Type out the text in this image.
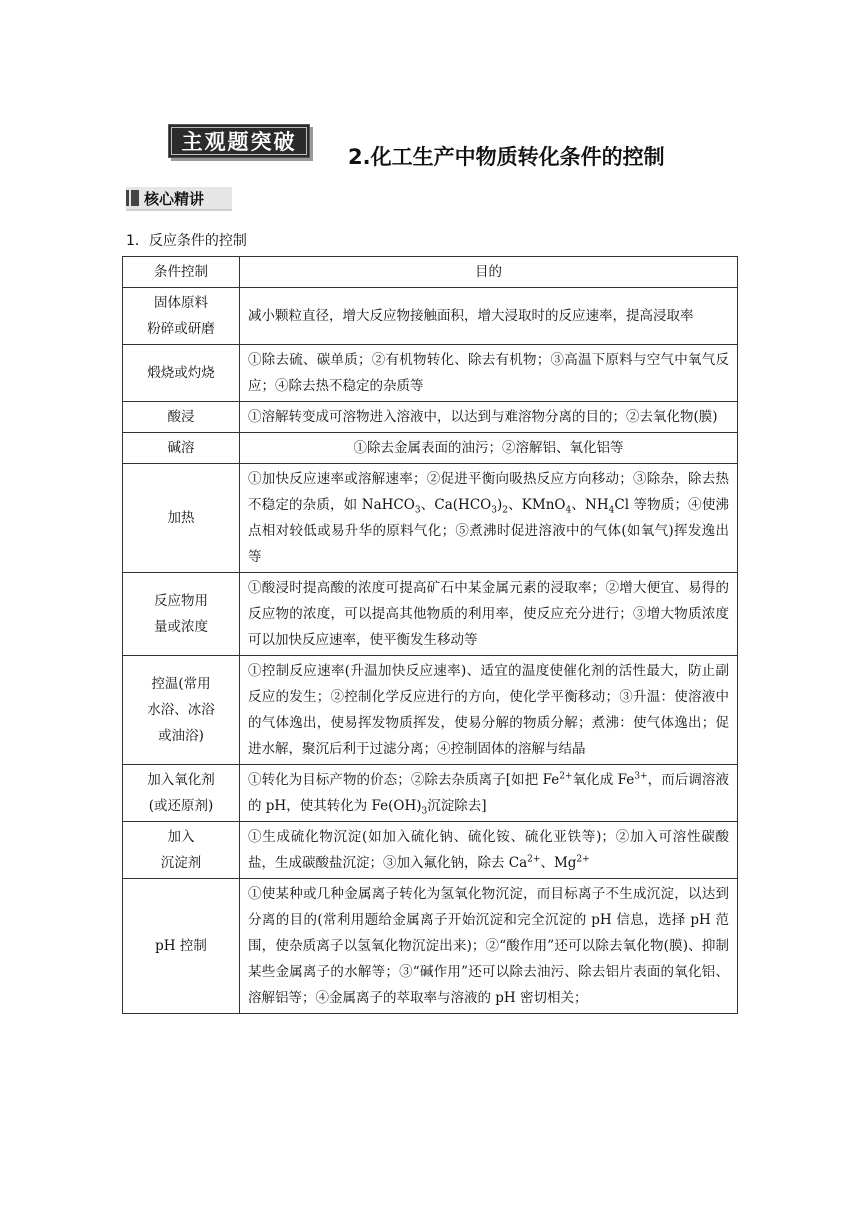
主观题突破
2.化工生产中物质转化条件的控制
核心精讲
1．反应条件的控制
条件控制	目的
固体原料
粉碎或研磨	减小颗粒直径，增大反应物接触面积，增大浸取时的反应速率，提高浸取率
煅烧或灼烧	①除去硫、碳单质；②有机物转化、除去有机物；③高温下原料与空气中氧气反应；④除去热不稳定的杂质等
酸浸	①溶解转变成可溶物进入溶液中，以达到与难溶物分离的目的；②去氧化物(膜)
碱溶	①除去金属表面的油污；②溶解铝、氧化铝等
加热	①加快反应速率或溶解速率；②促进平衡向吸热反应方向移动；③除杂，除去热不稳定的杂质，如 NaHCO$_3$、$Ca(HCO_3)_2$、KMnO$_4$、$NH_4Cl$ 等物质；④使沸点相对较低或易升华的原料气化；⑤煮沸时促进溶液中的气体(如氧气)挥发逸出等
反应物用
量或浓度	①酸浸时提高酸的浓度可提高矿石中某金属元素的浸取率；②增大便宜、易得的反应物的浓度，可以提高其他物质的利用率，使反应充分进行；③增大物质浓度可以加快反应速率，使平衡发生移动等
控温(常用
水浴、冰浴
或油浴)	①控制反应速率(升温加快反应速率)、适宜的温度使催化剂的活性最大，防止副反应的发生；②控制化学反应进行的方向，使化学平衡移动；③升温：使溶液中的气体逸出，使易挥发物质挥发，使易分解的物质分解；煮沸：使气体逸出；促进水解，聚沉后利于过滤分离；④控制固体的溶解与结晶
加入氧化剂
(或还原剂)	①转化为目标产物的价态；②除去杂质离子[如把 $Fe^{2+}$氧化成 $Fe^{3+}$，而后调溶液的 pH，使其转化为 $Fe(OH)_3$沉淀除去]
加入
沉淀剂	①生成硫化物沉淀(如加入硫化钠、硫化铵、硫化亚铁等)；②加入可溶性碳酸盐，生成碳酸盐沉淀；③加入氟化钠，除去 $Ca^{2+}$、$Mg^{2+}$
pH 控制	①使某种或几种金属离子转化为氢氧化物沉淀，而目标离子不生成沉淀，以达到分离的目的(常利用题给金属离子开始沉淀和完全沉淀的 pH 信息，选择 pH 范围，使杂质离子以氢氧化物沉淀出来)；②“酸作用”还可以除去氧化物(膜)、抑制某些金属离子的水解等；③“碱作用”还可以除去油污、除去铝片表面的氧化铝、溶解铝等；④金属离子的萃取率与溶液的 pH 密切相关；
